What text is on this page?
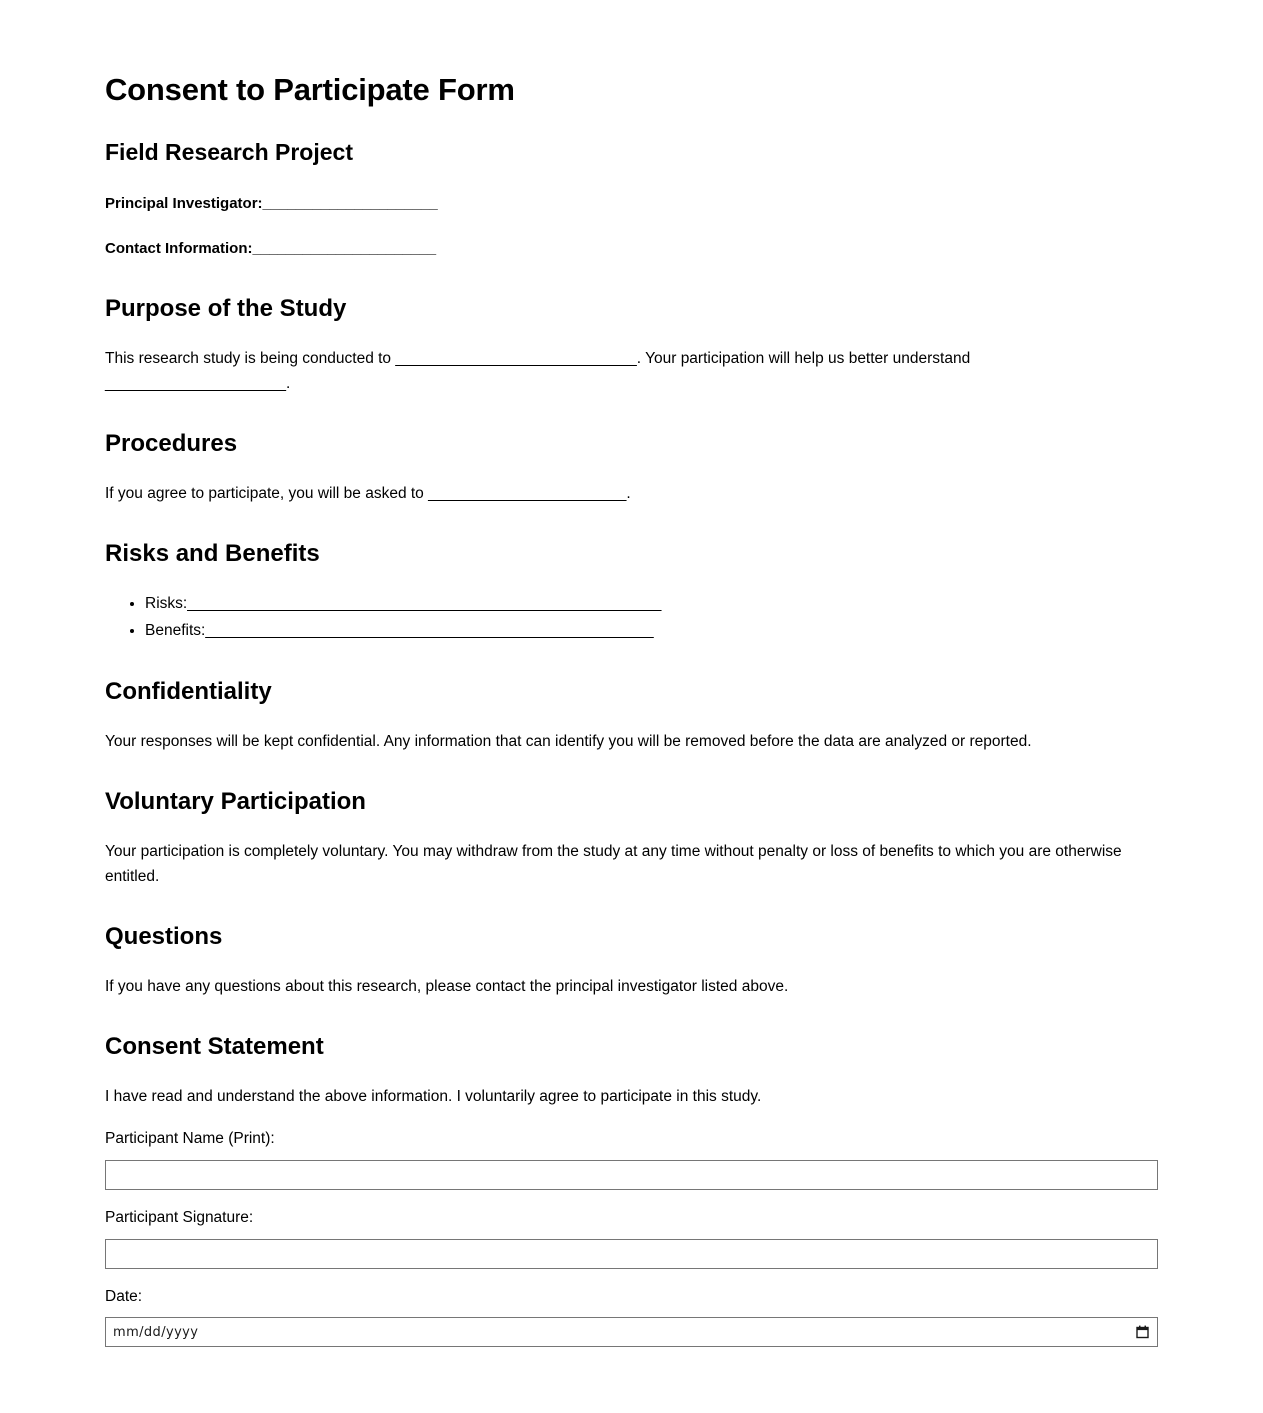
Consent to Participate Form
Field Research Project

Principal Investigator:_____________________

Contact Information:______________________

Purpose of the Study

This research study is being conducted to ____________________________. Your participation will help us better understand _____________________.

Procedures

If you agree to participate, you will be asked to _______________________.

Risks and Benefits
• Risks:_______________________________________________________
• Benefits:____________________________________________________
Confidentiality

Your responses will be kept confidential. Any information that can identify you will be removed before the data are analyzed or reported.

Voluntary Participation

Your participation is completely voluntary. You may withdraw from the study at any time without penalty or loss of benefits to which you are otherwise entitled.

Questions

If you have any questions about this research, please contact the principal investigator listed above.

Consent Statement

I have read and understand the above information. I voluntarily agree to participate in this study.

Participant Name (Print):
Participant Signature:
Date:
mm/dd/yyyy
